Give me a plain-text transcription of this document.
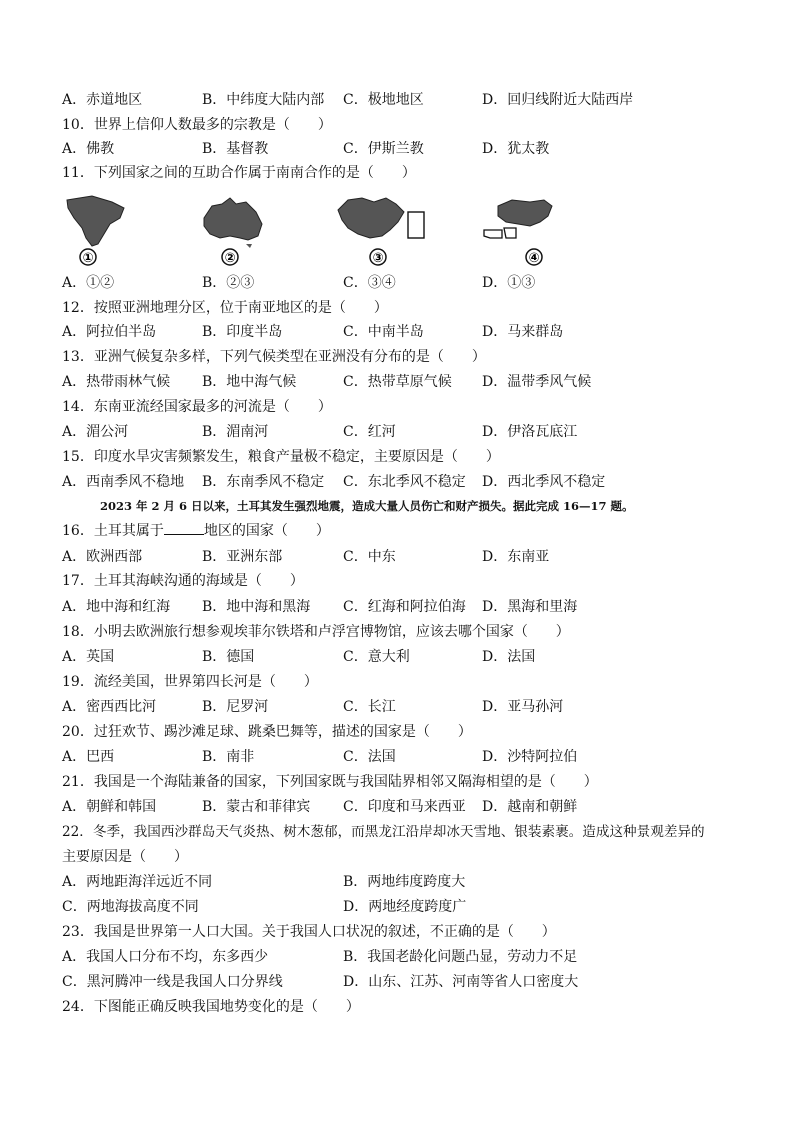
A．赤道地区	B．中纬度大陆内部 C．极地地区	D．回归线附近大陆西岸
10．世界上信仰人数最多的宗教是（　　）
A．佛教	B．基督教	C．伊斯兰教	D．犹太教
11．下列国家之间的互助合作属于南南合作的是（　　）
①	②	③	④
A．①②	B．②③	C．③④	D．①③
12．按照亚洲地理分区，位于南亚地区的是（　　）
A．阿拉伯半岛	B．印度半岛	C．中南半岛	D．马来群岛
13．亚洲气候复杂多样，下列气候类型在亚洲没有分布的是（　　）
A．热带雨林气候 B．地中海气候	C．热带草原气候 D．温带季风气候
14．东南亚流经国家最多的河流是（　　）
A．湄公河	B．湄南河	C．红河	D．伊洛瓦底江
15．印度水旱灾害频繁发生，粮食产量极不稳定，主要原因是（　　）
A．西南季风不稳地 B．东南季风不稳定 C．东北季风不稳定 D．西北季风不稳定
2023 年 2 月 6 日以来，土耳其发生强烈地震，造成大量人员伤亡和财产损失。据此完成 16—17 题。
16．土耳其属于	地区的国家（　　）
A．欧洲西部	B．亚洲东部	C．中东	D．东南亚
17．土耳其海峡沟通的海域是（　　）
A．地中海和红海 B．地中海和黑海 C．红海和阿拉伯海 D．黑海和里海
18．小明去欧洲旅行想参观埃菲尔铁塔和卢浮宫博物馆，应该去哪个国家（　　）
A．英国	B．德国	C．意大利	D．法国
19．流经美国，世界第四长河是（　　）
A．密西西比河	B．尼罗河	C．长江	D．亚马孙河
20．过狂欢节、踢沙滩足球、跳桑巴舞等，描述的国家是（　　）
A．巴西	B．南非	C．法国	D．沙特阿拉伯
21．我国是一个海陆兼备的国家，下列国家既与我国陆界相邻又隔海相望的是（　　）
A．朝鲜和韩国	B．蒙古和菲律宾 C．印度和马来西亚 D．越南和朝鲜
22．冬季，我国西沙群岛天气炎热、树木葱郁，而黑龙江沿岸却冰天雪地、银装素裹。造成这种景观差异的
主要原因是（　　）
A．两地距海洋远近不同	B．两地纬度跨度大
C．两地海拔高度不同	D．两地经度跨度广
23．我国是世界第一人口大国。关于我国人口状况的叙述，不正确的是（　　）
A．我国人口分布不均，东多西少	B．我国老龄化问题凸显，劳动力不足
C．黑河腾冲一线是我国人口分界线	D．山东、江苏、河南等省人口密度大
24．下图能正确反映我国地势变化的是（　　）
